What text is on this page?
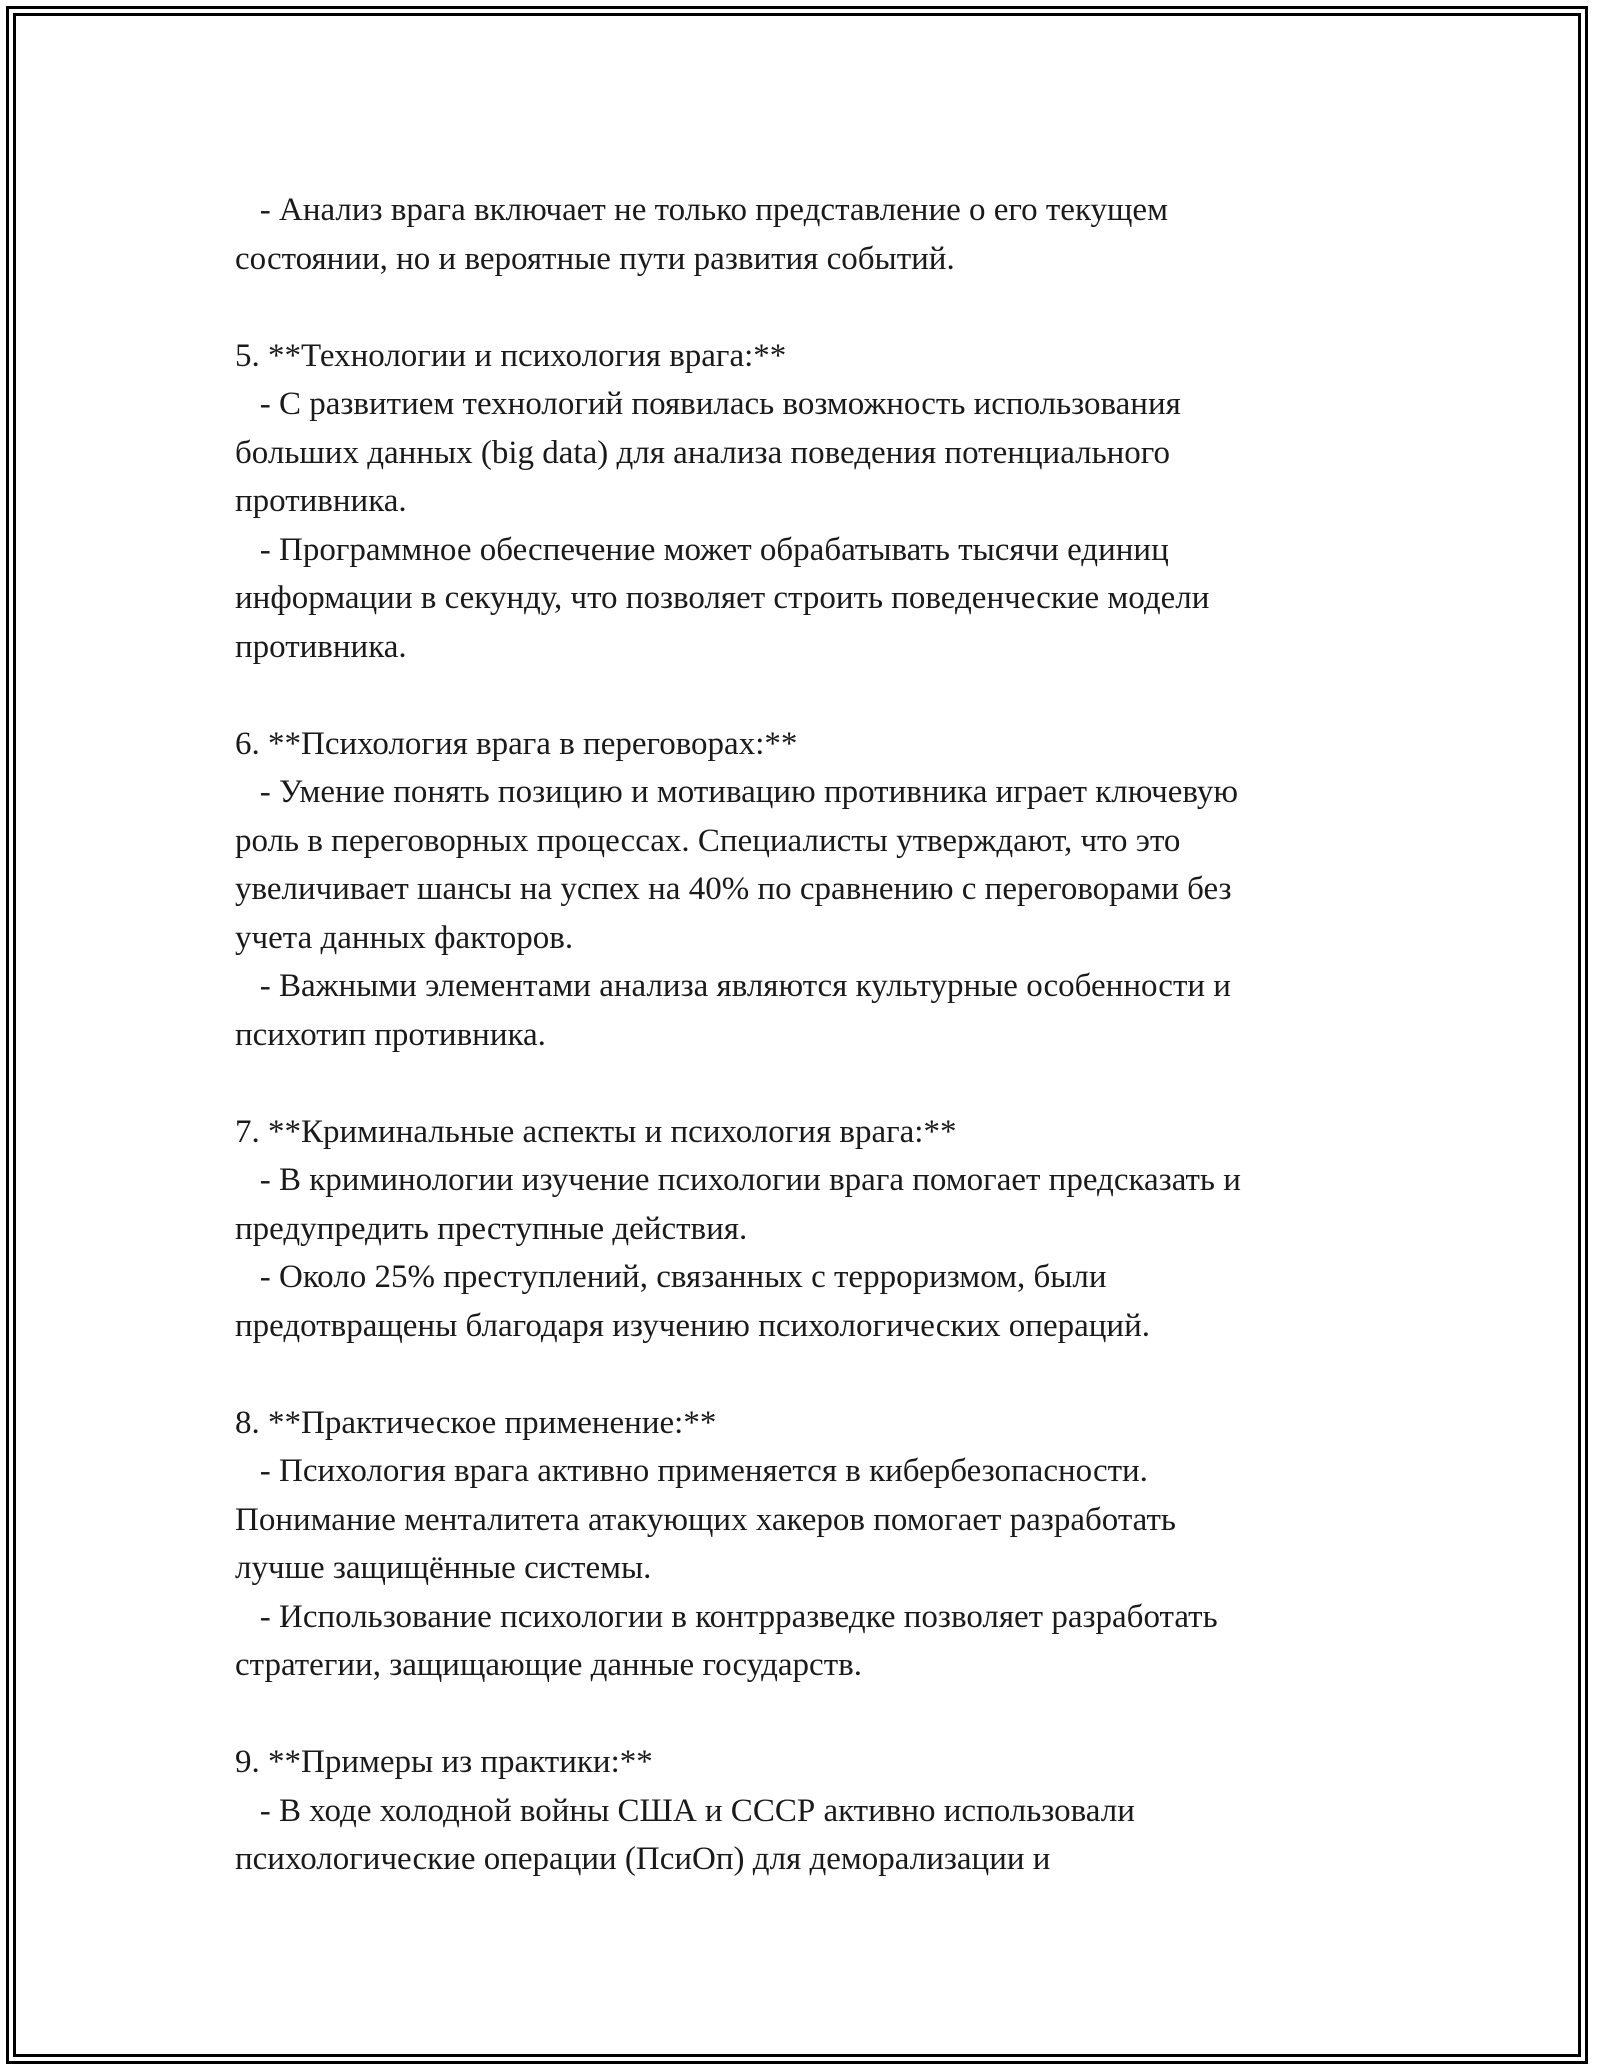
- Анализ врага включает не только представление о его текущем
состоянии, но и вероятные пути развития событий.
5. **Технологии и психология врага:**
- С развитием технологий появилась возможность использования
больших данных (big data) для анализа поведения потенциального
противника.
- Программное обеспечение может обрабатывать тысячи единиц
информации в секунду, что позволяет строить поведенческие модели
противника.
6. **Психология врага в переговорах:**
- Умение понять позицию и мотивацию противника играет ключевую
роль в переговорных процессах. Специалисты утверждают, что это
увеличивает шансы на успех на 40% по сравнению с переговорами без
учета данных факторов.
- Важными элементами анализа являются культурные особенности и
психотип противника.
7. **Криминальные аспекты и психология врага:**
- В криминологии изучение психологии врага помогает предсказать и
предупредить преступные действия.
- Около 25% преступлений, связанных с терроризмом, были
предотвращены благодаря изучению психологических операций.
8. **Практическое применение:**
- Психология врага активно применяется в кибербезопасности.
Понимание менталитета атакующих хакеров помогает разработать
лучше защищённые системы.
- Использование психологии в контрразведке позволяет разработать
стратегии, защищающие данные государств.
9. **Примеры из практики:**
- В ходе холодной войны США и СССР активно использовали
психологические операции (ПсиОп) для деморализации и
